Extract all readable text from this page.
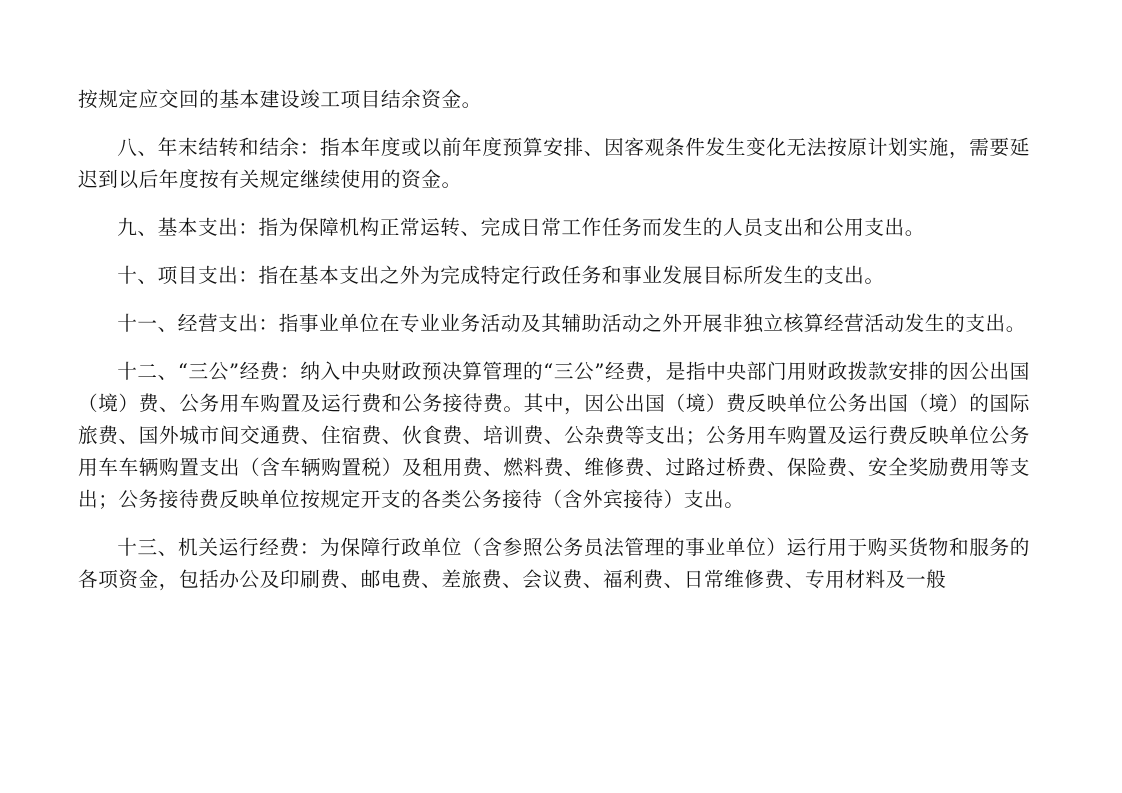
按规定应交回的基本建设竣工项目结余资金。

八、年末结转和结余：指本年度或以前年度预算安排、因客观条件发生变化无法按原计划实施，需要延迟到以后年度按有关规定继续使用的资金。

九、基本支出：指为保障机构正常运转、完成日常工作任务而发生的人员支出和公用支出。

十、项目支出：指在基本支出之外为完成特定行政任务和事业发展目标所发生的支出。

十一、经营支出：指事业单位在专业业务活动及其辅助活动之外开展非独立核算经营活动发生的支出。

十二、“三公”经费：纳入中央财政预决算管理的“三公”经费，是指中央部门用财政拨款安排的因公出国（境）费、公务用车购置及运行费和公务接待费。其中，因公出国（境）费反映单位公务出国（境）的国际旅费、国外城市间交通费、住宿费、伙食费、培训费、公杂费等支出；公务用车购置及运行费反映单位公务用车车辆购置支出（含车辆购置税）及租用费、燃料费、维修费、过路过桥费、保险费、安全奖励费用等支出；公务接待费反映单位按规定开支的各类公务接待（含外宾接待）支出。

十三、机关运行经费：为保障行政单位（含参照公务员法管理的事业单位）运行用于购买货物和服务的各项资金，包括办公及印刷费、邮电费、差旅费、会议费、福利费、日常维修费、专用材料及一般
